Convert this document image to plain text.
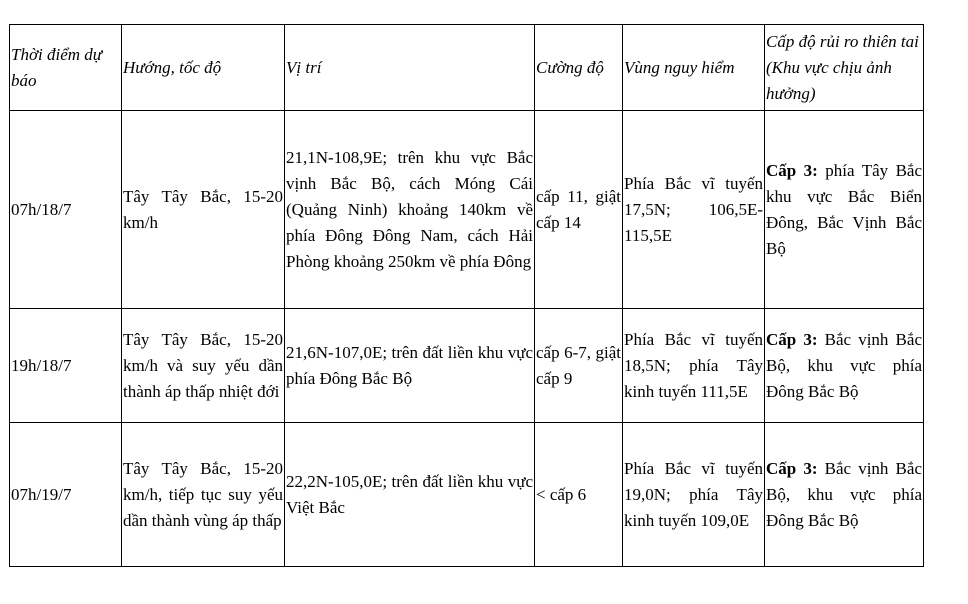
Thời điểm dự báo	Hướng, tốc độ	Vị trí	Cường độ	Vùng nguy hiểm	Cấp độ rủi ro thiên tai (Khu vực chịu ảnh hưởng)
07h/18/7	Tây Tây Bắc, 15-20 km/h	21,1N-108,9E; trên khu vực Bắc vịnh Bắc Bộ, cách Móng Cái (Quảng Ninh) khoảng 140km về phía Đông Đông Nam, cách Hải Phòng khoảng 250km về phía Đông	cấp 11, giật cấp 14	Phía Bắc vĩ tuyến 17,5N; 106,5E-115,5E	Cấp 3: phía Tây Bắc khu vực Bắc Biển Đông, Bắc Vịnh Bắc Bộ
19h/18/7	Tây Tây Bắc, 15-20 km/h và suy yếu dần thành áp thấp nhiệt đới	21,6N-107,0E; trên đất liền khu vực phía Đông Bắc Bộ	cấp 6-7, giật cấp 9	Phía Bắc vĩ tuyến 18,5N; phía Tây kinh tuyến 111,5E	Cấp 3: Bắc vịnh Bắc Bộ, khu vực phía Đông Bắc Bộ
07h/19/7	Tây Tây Bắc, 15-20 km/h, tiếp tục suy yếu dần thành vùng áp thấp	22,2N-105,0E; trên đất liền khu vực Việt Bắc	< cấp 6	Phía Bắc vĩ tuyến 19,0N; phía Tây kinh tuyến 109,0E	Cấp 3: Bắc vịnh Bắc Bộ, khu vực phía Đông Bắc Bộ
